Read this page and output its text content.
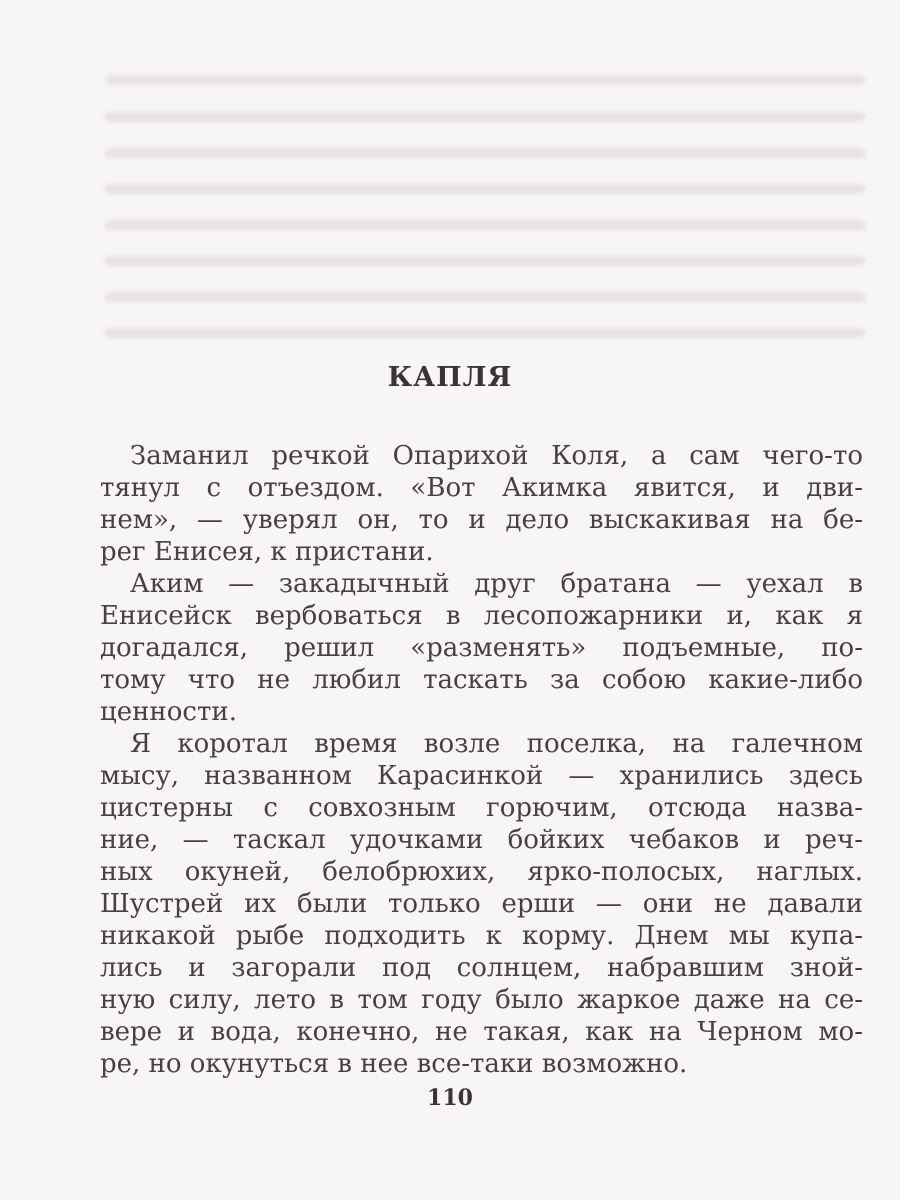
КАПЛЯ
Заманил речкой Опарихой Коля, а сам чего-то
тянул с отъездом. «Вот Акимка явится, и дви-
нем», — уверял он, то и дело выскакивая на бе-
рег Енисея, к пристани.
Аким — закадычный друг братана — уехал в
Енисейск вербоваться в лесопожарники и, как я
догадался, решил «разменять» подъемные, по-
тому что не любил таскать за собою какие-либо
ценности.
Я коротал время возле поселка, на галечном
мысу, названном Карасинкой — хранились здесь
цистерны с совхозным горючим, отсюда назва-
ние, — таскал удочками бойких чебаков и реч-
ных окуней, белобрюхих, ярко-полосых, наглых.
Шустрей их были только ерши — они не давали
никакой рыбе подходить к корму. Днем мы купа-
лись и загорали под солнцем, набравшим зной-
ную силу, лето в том году было жаркое даже на се-
вере и вода, конечно, не такая, как на Черном мо-
ре, но окунуться в нее все-таки возможно.
110
